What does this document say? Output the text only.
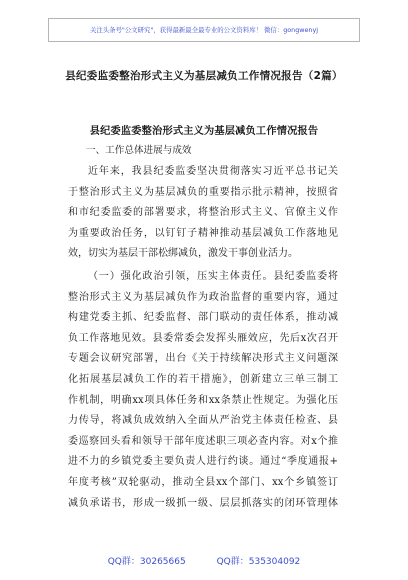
关注头条号"公文研究"，获得最新最全最专业的公文资料库！ 微信：gongwenyj
县纪委监委整治形式主义为基层减负工作情况报告（2篇）
县纪委监委整治形式主义为基层减负工作情况报告
一、工作总体进展与成效
近年来，我县纪委监委坚决贯彻落实习近平总书记关
于整治形式主义为基层减负的重要指示批示精神，按照省
和市纪委监委的部署要求，将整治形式主义、官僚主义作
为重要政治任务，以钉钉子精神推动基层减负工作落地见
效，切实为基层干部松绑减负，激发干事创业活力。
（一）强化政治引领，压实主体责任。县纪委监委将
整治形式主义为基层减负作为政治监督的重要内容，通过
构建党委主抓、纪委监督、部门联动的责任体系，推动减
负工作落地见效。县委常委会发挥头雁效应，先后x次召开
专题会议研究部署，出台《关于持续解决形式主义问题深
化拓展基层减负工作的若干措施》，创新建立三单三制工
作机制，明确xx项具体任务和xx条禁止性规定。为强化压
力传导，将减负成效纳入全面从严治党主体责任检查、县
委巡察回头看和领导干部年度述职三项必查内容。对x个推
进不力的乡镇党委主要负责人进行约谈。通过“季度通报+
年度考核”双轮驱动，推动全县xx个部门、xx个乡镇签订
减负承诺书，形成一级抓一级、层层抓落实的闭环管理体
QQ群：30265665	QQ群：535304092
